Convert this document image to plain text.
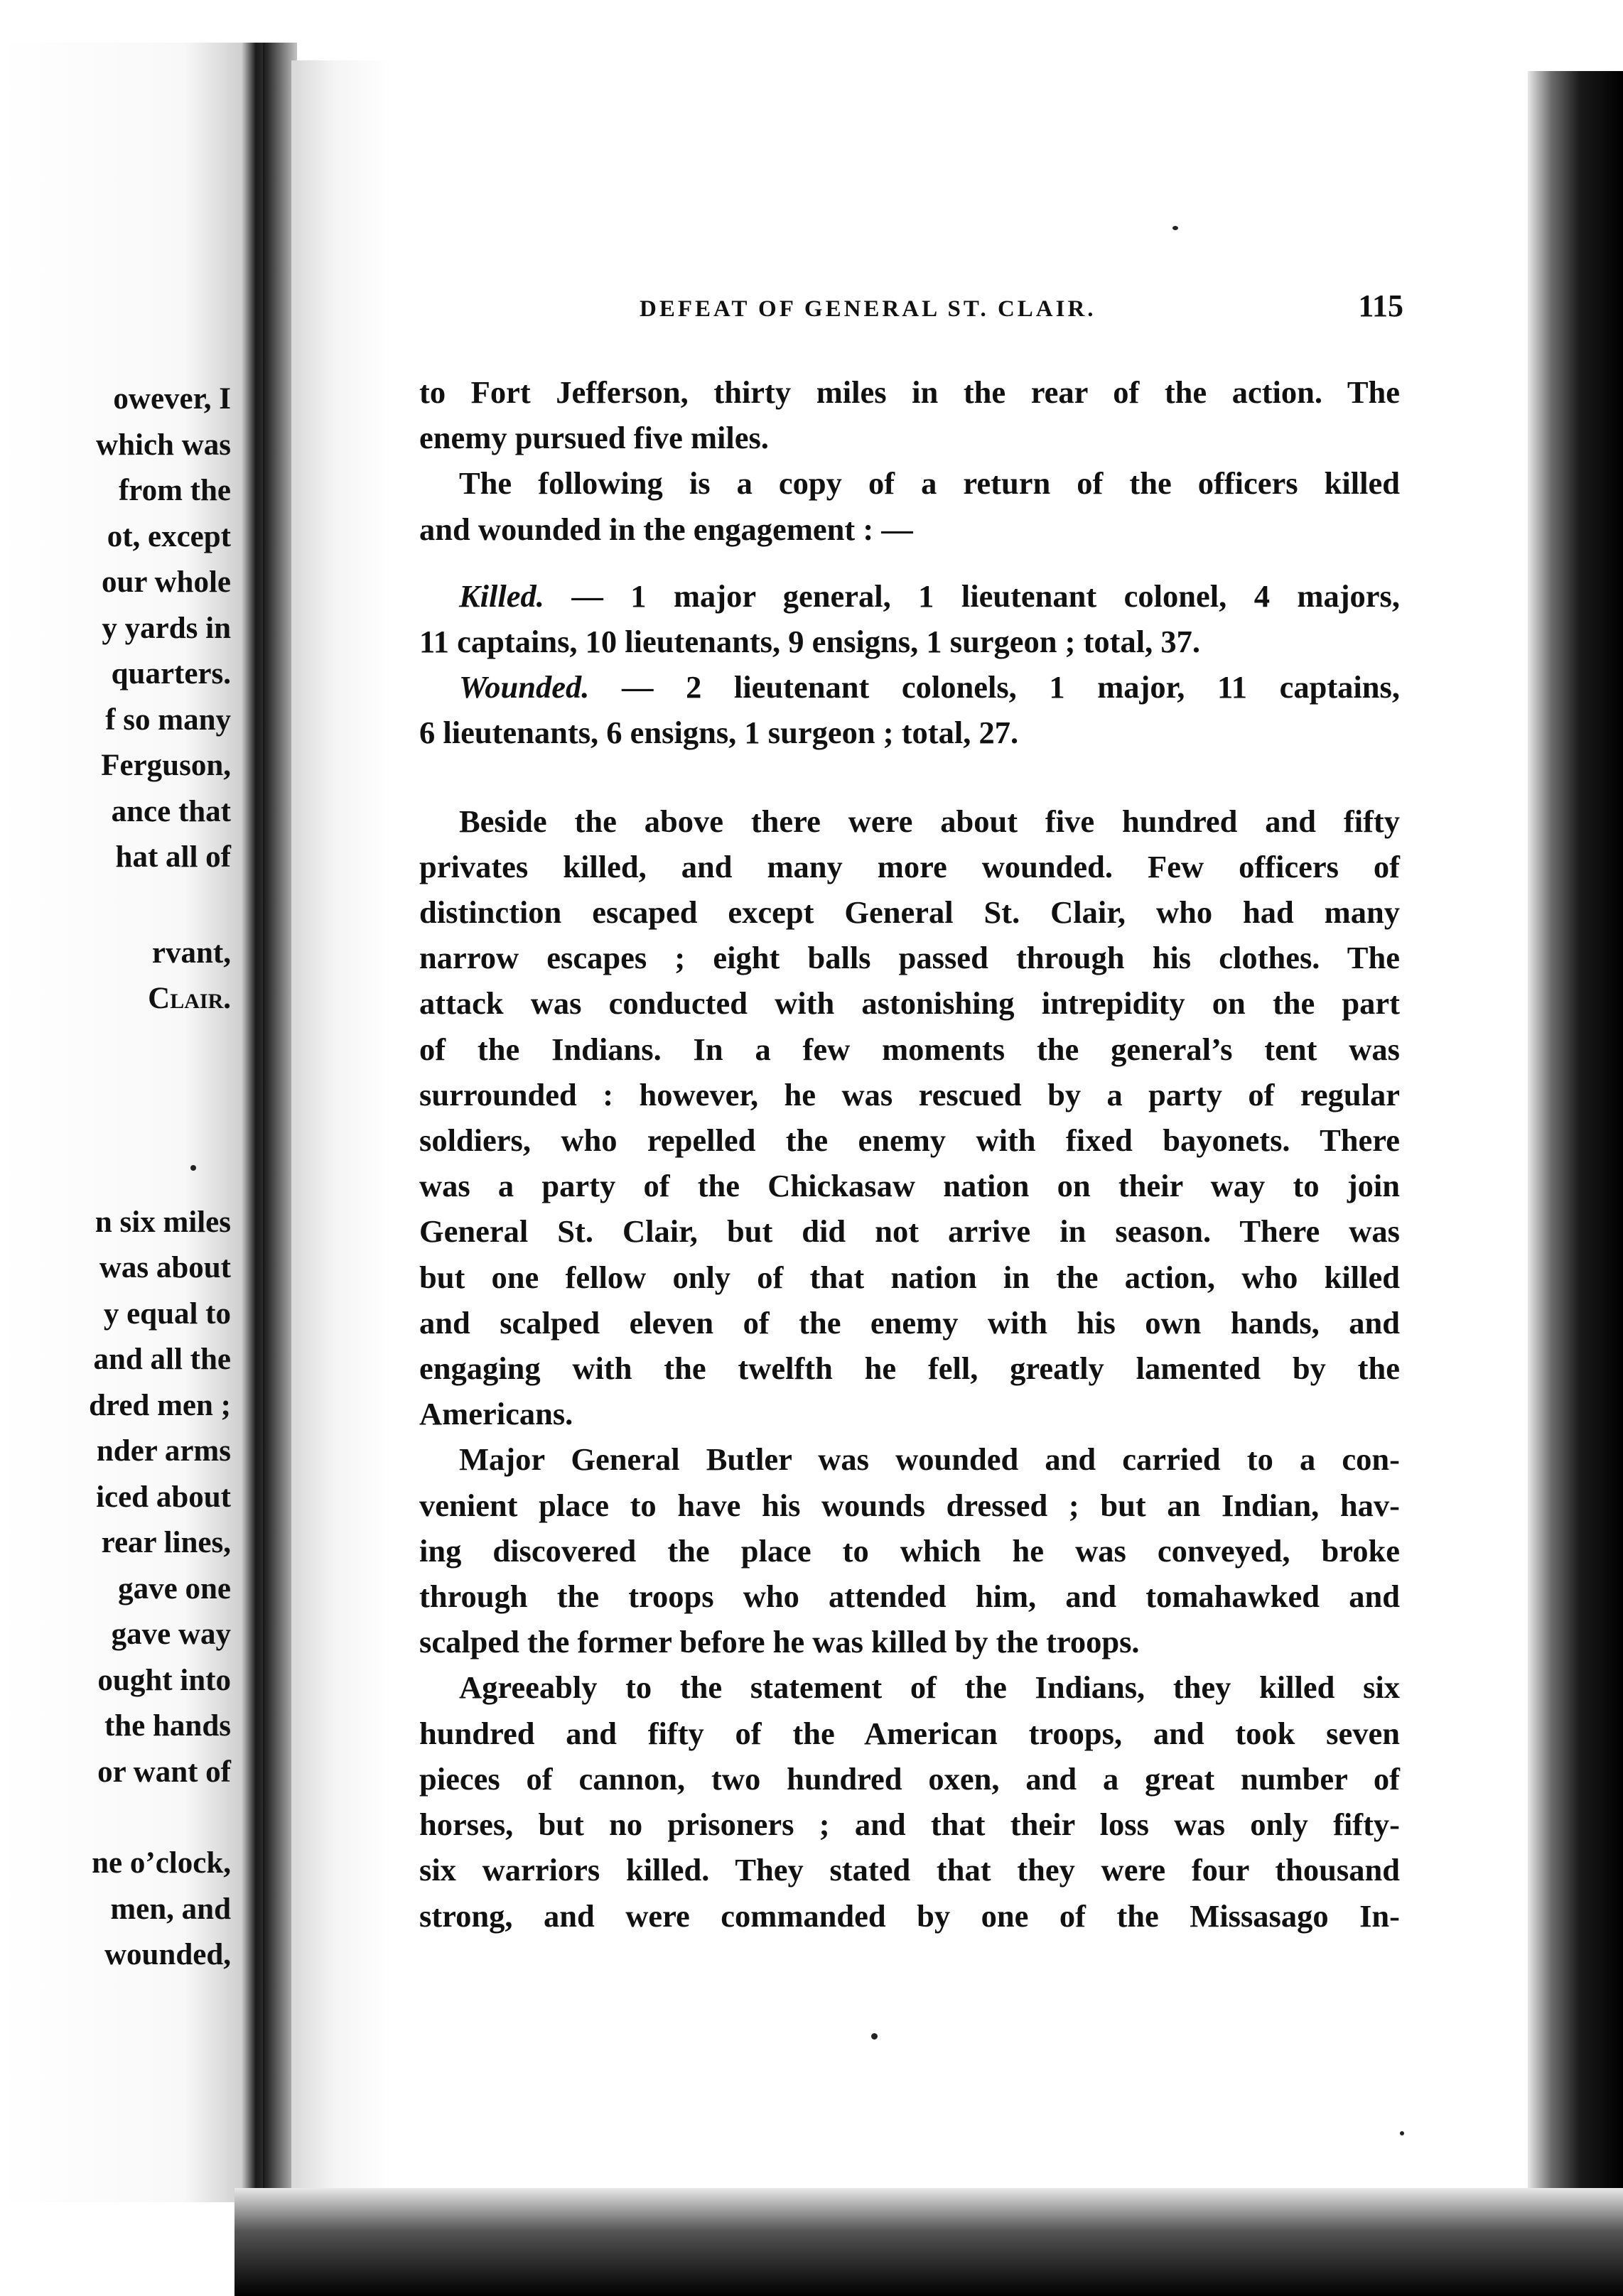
owever, I
which was
from the
ot, except
our whole
y yards in
quarters.
f so many
Ferguson,
ance that
hat all of
rvant,
Clair.
n six miles
was about
y equal to
and all the
dred men ;
nder arms
iced about
rear lines,
gave one
gave way
ought into
the hands
or want of
ne o’clock,
men, and
wounded,
DEFEAT OF GENERAL ST. CLAIR.	115
to Fort Jefferson, thirty miles in the rear of the action. The
enemy pursued five miles.
The following is a copy of a return of the officers killed
and wounded in the engagement : —
Killed. — 1 major general, 1 lieutenant colonel, 4 majors,
11 captains, 10 lieutenants, 9 ensigns, 1 surgeon ; total, 37.
Wounded. — 2 lieutenant colonels, 1 major, 11 captains,
6 lieutenants, 6 ensigns, 1 surgeon ; total, 27.
Beside the above there were about five hundred and fifty
privates killed, and many more wounded. Few officers of
distinction escaped except General St. Clair, who had many
narrow escapes ; eight balls passed through his clothes. The
attack was conducted with astonishing intrepidity on the part
of the Indians. In a few moments the general’s tent was
surrounded : however, he was rescued by a party of regular
soldiers, who repelled the enemy with fixed bayonets. There
was a party of the Chickasaw nation on their way to join
General St. Clair, but did not arrive in season. There was
but one fellow only of that nation in the action, who killed
and scalped eleven of the enemy with his own hands, and
engaging with the twelfth he fell, greatly lamented by the
Americans.
Major General Butler was wounded and carried to a con-
venient place to have his wounds dressed ; but an Indian, hav-
ing discovered the place to which he was conveyed, broke
through the troops who attended him, and tomahawked and
scalped the former before he was killed by the troops.
Agreeably to the statement of the Indians, they killed six
hundred and fifty of the American troops, and took seven
pieces of cannon, two hundred oxen, and a great number of
horses, but no prisoners ; and that their loss was only fifty-
six warriors killed. They stated that they were four thousand
strong, and were commanded by one of the Missasago In-
